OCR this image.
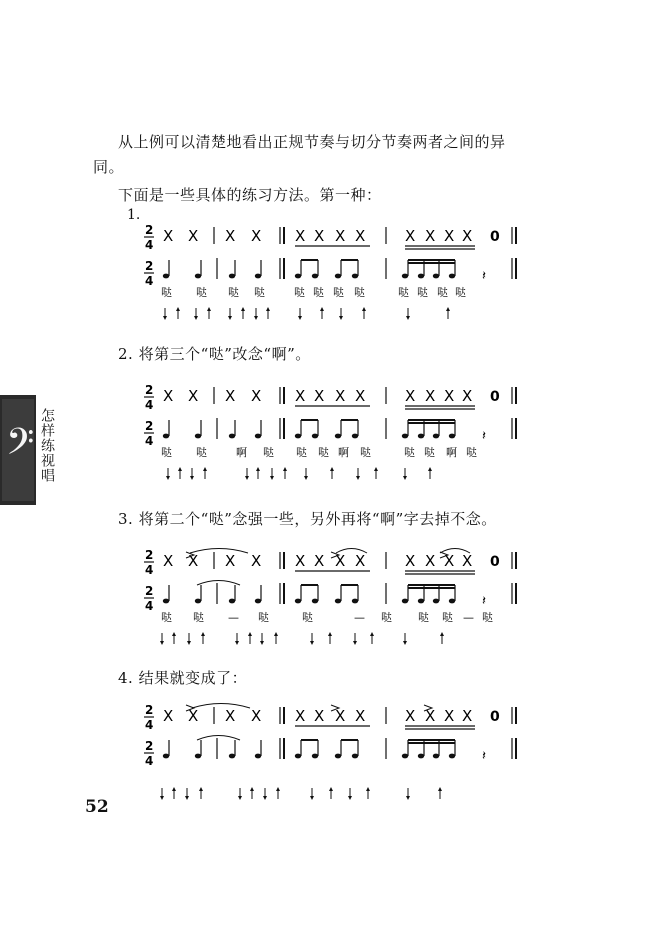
从上例可以清楚地看出正规节奏与切分节奏两者之间的异
同。
下面是一些具体的练习方法。第一种：
1.
2. 将第三个“哒”改念“啊”。
3. 将第二个“哒”念强一些，另外再将“啊”字去掉不念。
4. 结果就变成了：
2
4 X X X X X X X X	X X X X 0
2
4	𝄽
哒 哒 哒 哒	哒 哒 哒 哒	哒 哒 哒 哒
2
4 X X X X X X X X	X X X X 0
2
4	𝄽
哒 哒	啊 哒 哒 哒 啊 哒	哒 哒 啊 哒
2
4 X X X X X X X X	X X X X 0
2
4	𝄽
哒 哒 — 哒	哒	— 哒 哒 哒 — 哒
2
4 X X X X X X X X	X X X X 0
2
4	𝄽
𝄢 怎样练视唱
52
